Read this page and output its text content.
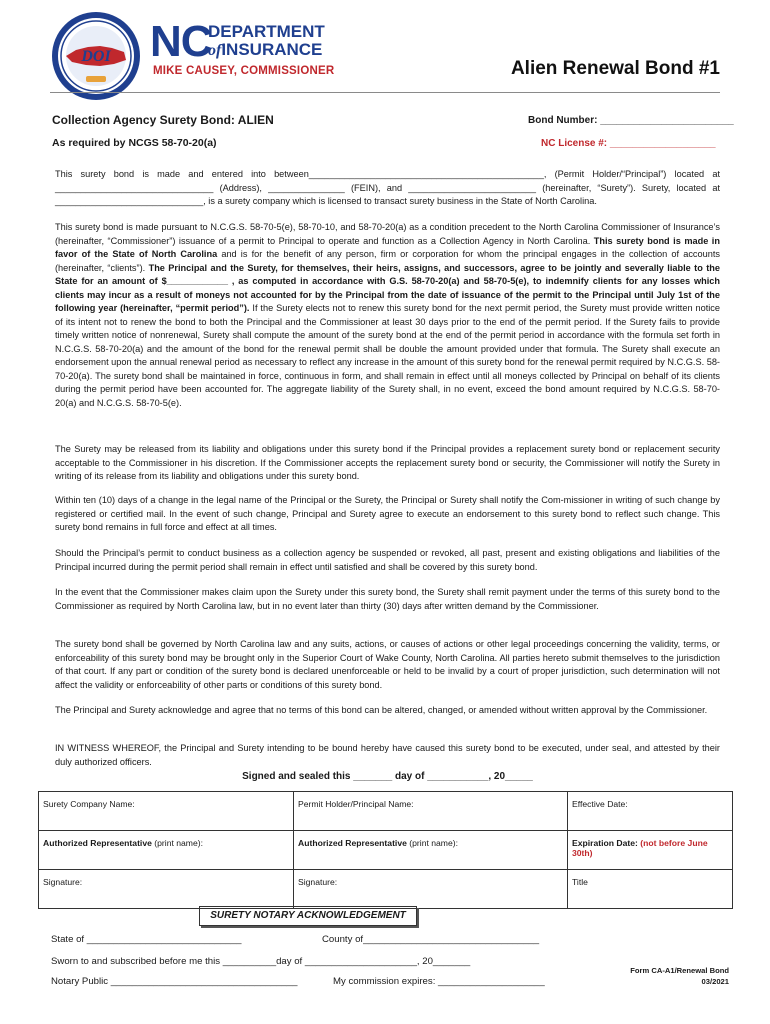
DOI NC
DEPARTMENT
ofINSURANCE
MIKE CAUSEY, COMMISSIONER	Alien Renewal Bond #1
Collection Agency Surety Bond: ALIEN
As required by NCGS 58-70-20(a)
Bond Number: ________________________
NC License #: ___________________
This surety bond is made and entered into between______________________________________________, (Permit Holder/“Principal”) located at _______________________________ (Address), _______________ (FEIN), and _________________________ (hereinafter, “Surety”). Surety, located at _____________________________, is a surety company which is licensed to transact surety business in the State of North Carolina.
This surety bond is made pursuant to N.C.G.S. 58-70-5(e), 58-70-10, and 58-70-20(a) as a condition precedent to the North Carolina Commissioner of Insurance’s (hereinafter, “Commissioner”) issuance of a permit to Principal to operate and function as a Collection Agency in North Carolina. This surety bond is made in favor of the State of North Carolina and is for the benefit of any person, firm or corporation for whom the principal engages in the collection of accounts (hereinafter, “clients”). The Principal and the Surety, for themselves, their heirs, assigns, and successors, agree to be jointly and severally liable to the State for an amount of $____________ , as computed in accordance with G.S. 58-70-20(a) and 58-70-5(e), to indemnify clients for any losses which clients may incur as a result of moneys not accounted for by the Principal from the date of issuance of the permit to the Principal until July 1st of the following year (hereinafter, “permit period”). If the Surety elects not to renew this surety bond for the next permit period, the Surety must provide written notice of its intent not to renew the bond to both the Principal and the Commissioner at least 30 days prior to the end of the permit period. If the Surety fails to provide timely written notice of nonrenewal, Surety shall compute the amount of the surety bond at the end of the permit period in accordance with the formula set forth in N.C.G.S. 58-70-20(a) and the amount of the bond for the renewal permit shall be double the amount provided under that formula. The Surety shall execute an endorsement upon the annual renewal period as necessary to reflect any increase in the amount of this surety bond for the renewal permit required by N.C.G.S. 58-70-20(a). The surety bond shall be maintained in force, continuous in form, and shall remain in effect until all moneys collected by Principal on behalf of its clients during the permit period have been accounted for. The aggregate liability of the Surety shall, in no event, exceed the bond amount required by N.C.G.S. 58-70-20(a) and N.C.G.S. 58-70-5(e).
The Surety may be released from its liability and obligations under this surety bond if the Principal provides a replacement surety bond or replacement security acceptable to the Commissioner in his discretion. If the Commissioner accepts the replacement surety bond or security, the Commissioner will notify the Surety in writing of its release from its liability and obligations under this surety bond.
Within ten (10) days of a change in the legal name of the Principal or the Surety, the Principal or Surety shall notify the Com-missioner in writing of such change by registered or certified mail. In the event of such change, Principal and Surety agree to execute an endorsement to this surety bond to reflect such change. This surety bond remains in full force and effect at all times.
Should the Principal’s permit to conduct business as a collection agency be suspended or revoked, all past, present and existing obligations and liabilities of the Principal incurred during the permit period shall remain in effect until satisfied and shall be covered by this surety bond.
In the event that the Commissioner makes claim upon the Surety under this surety bond, the Surety shall remit payment under the terms of this surety bond to the Commissioner as required by North Carolina law, but in no event later than thirty (30) days after written demand by the Commissioner.
The surety bond shall be governed by North Carolina law and any suits, actions, or causes of actions or other legal proceedings concerning the validity, terms, or enforceability of this surety bond may be brought only in the Superior Court of Wake County, North Carolina. All parties hereto submit themselves to the jurisdiction of that court. If any part or condition of the surety bond is declared unenforceable or held to be invalid by a court of proper jurisdiction, such determination will not affect the validity or enforceability of other parts or conditions of this surety bond.
The Principal and Surety acknowledge and agree that no terms of this bond can be altered, changed, or amended without written approval by the Commissioner.
IN WITNESS WHEREOF, the Principal and Surety intending to be bound hereby have caused this surety bond to be executed, under seal, and attested by their duly authorized officers.
Signed and sealed this _______ day of ___________, 20_____
Surety Company Name:	Permit Holder/Principal Name:	Effective Date:
Authorized Representative (print name):	Authorized Representative (print name):	Expiration Date: (not before June 30th)
Signature:	Signature:	Title
SURETY NOTARY ACKNOWLEDGEMENT
State of _____________________________	County of_________________________________
Sworn to and subscribed before me this __________day of _____________________, 20_______
Notary Public ___________________________________	My commission expires: ____________________
Form CA-A1/Renewal Bond
03/2021
